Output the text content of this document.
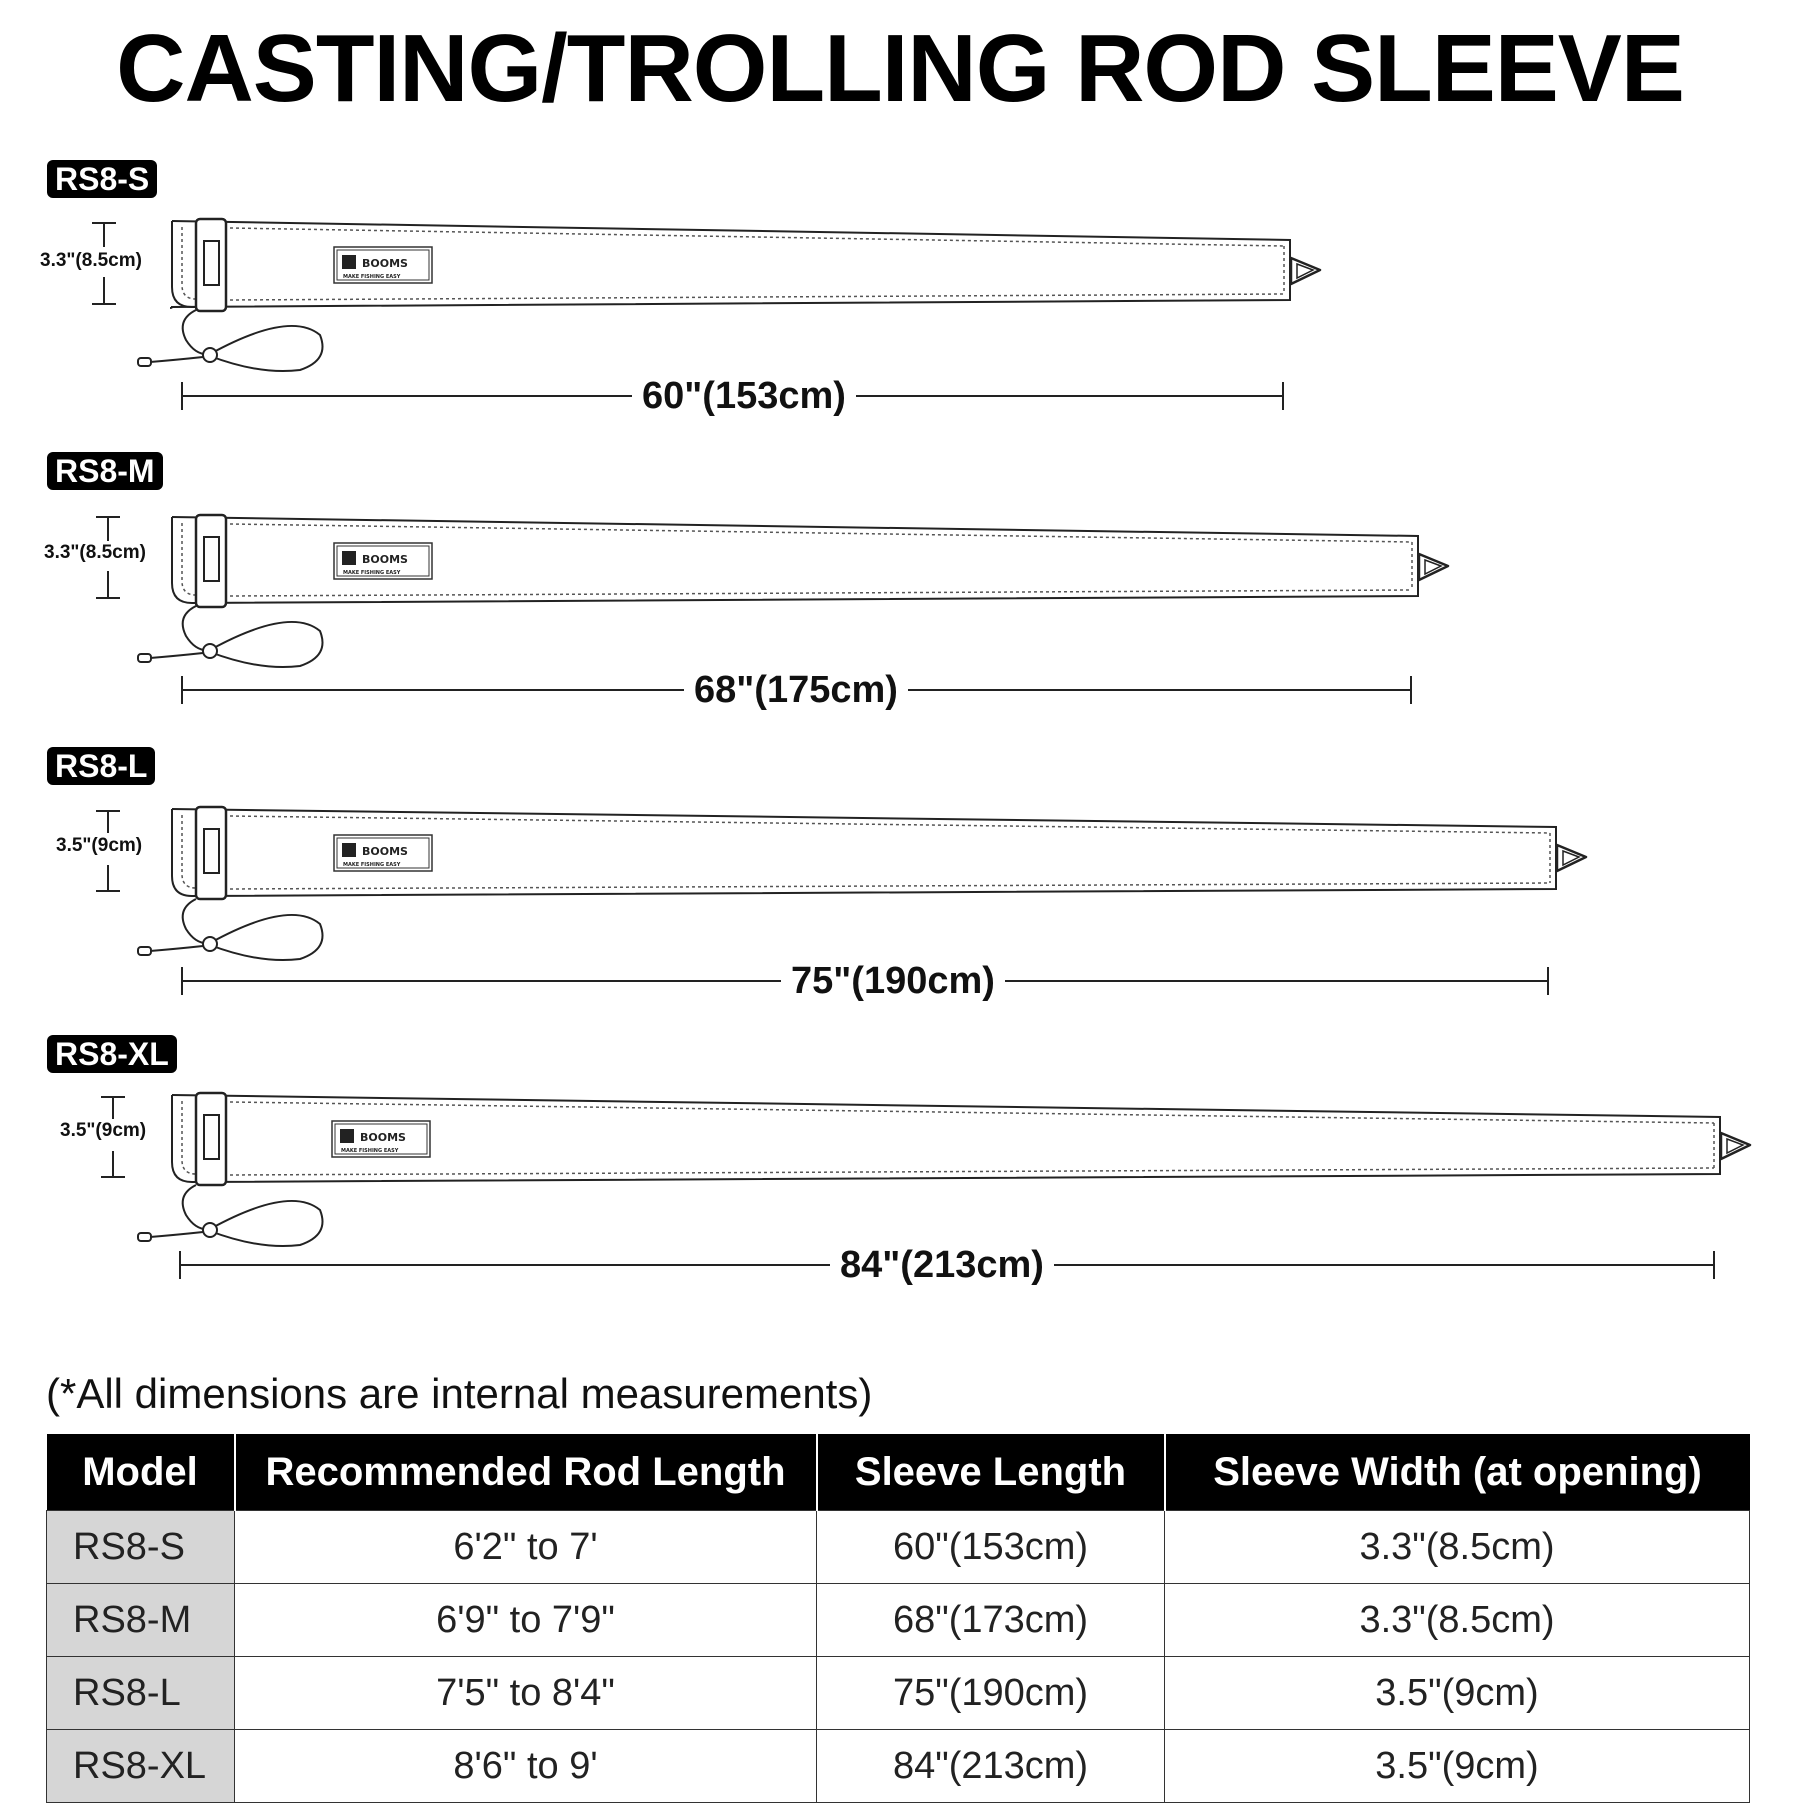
CASTING/TROLLING ROD SLEEVE
RS8-S
3.3"(8.5cm)	BOOMS
MAKE FISHING EASY
60"(153cm)
RS8-M
3.3"(8.5cm)	BOOMS
MAKE FISHING EASY
68"(175cm)
RS8-L
3.5"(9cm)	BOOMS
MAKE FISHING EASY
75"(190cm)
RS8-XL
3.5"(9cm)	BOOMS
MAKE FISHING EASY
84"(213cm)
(*All dimensions are internal measurements)
Model	Recommended Rod Length	Sleeve Length	Sleeve Width (at opening)
RS8-S	6'2" to 7'	60"(153cm)	3.3"(8.5cm)
RS8-M	6'9" to 7'9"	68"(173cm)	3.3"(8.5cm)
RS8-L	7'5" to 8'4"	75"(190cm)	3.5"(9cm)
RS8-XL	8'6" to 9'	84"(213cm)	3.5"(9cm)
